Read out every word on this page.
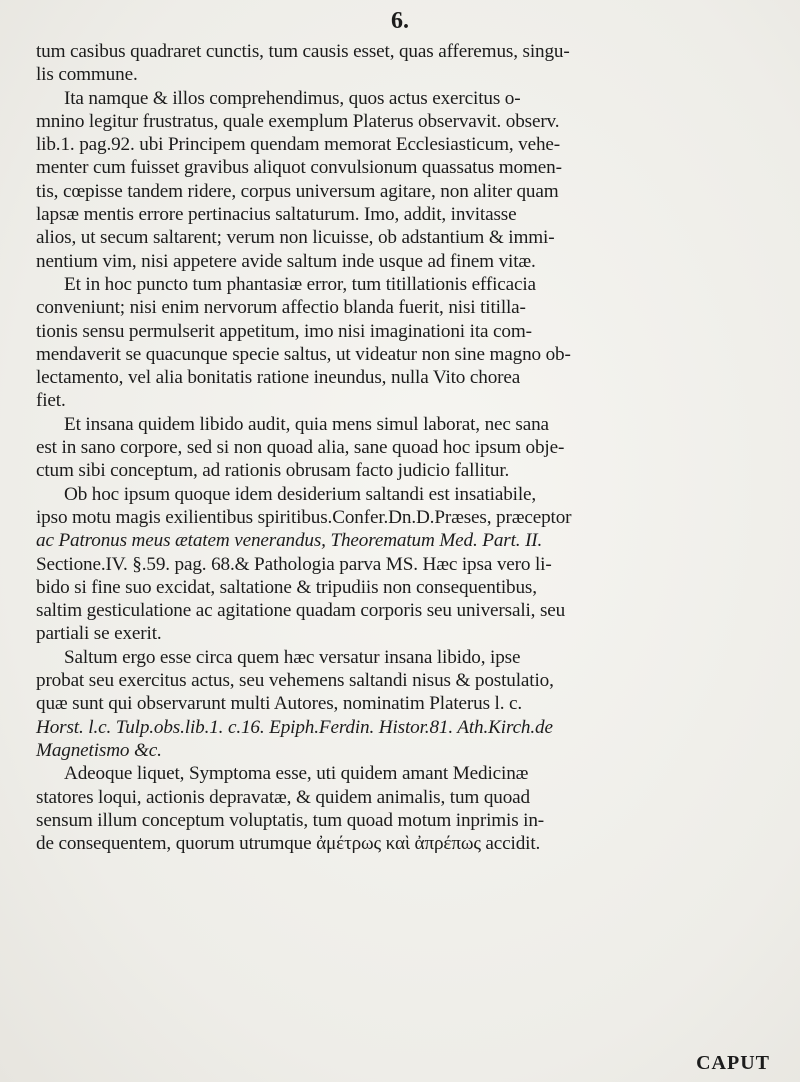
6.
tum casibus quadraret cunctis, tum causis esset, quas afferemus, singu-
lis commune.
Ita namque & illos comprehendimus, quos actus exercitus o-
mnino legitur frustratus, quale exemplum Platerus observavit. observ.
lib.1. pag.92. ubi Principem quendam memorat Ecclesiasticum, vehe-
menter cum fuisset gravibus aliquot convulsionum quassatus momen-
tis, cœpisse tandem ridere, corpus universum agitare, non aliter quam
lapsæ mentis errore pertinacius saltaturum. Imo, addit, invitasse
alios, ut secum saltarent; verum non licuisse, ob adstantium & immi-
nentium vim, nisi appetere avide saltum inde usque ad finem vitæ.
Et in hoc puncto tum phantasiæ error, tum titillationis efficacia
conveniunt; nisi enim nervorum affectio blanda fuerit, nisi titilla-
tionis sensu permulserit appetitum, imo nisi imaginationi ita com-
mendaverit se quacunque specie saltus, ut videatur non sine magno ob-
lectamento, vel alia bonitatis ratione ineundus, nulla Vito chorea
fiet.
Et insana quidem libido audit, quia mens simul laborat, nec sana
est in sano corpore, sed si non quoad alia, sane quoad hoc ipsum obje-
ctum sibi conceptum, ad rationis obrusam facto judicio fallitur.
Ob hoc ipsum quoque idem desiderium saltandi est insatiabile,
ipso motu magis exilientibus spiritibus.Confer.Dn.D.Præses, præceptor
ac Patronus meus ætatem venerandus, Theorematum Med. Part. II.
Sectione.IV. §.59. pag. 68.& Pathologia parva MS. Hæc ipsa vero li-
bido si fine suo excidat, saltatione & tripudiis non consequentibus,
saltim gesticulatione ac agitatione quadam corporis seu universali, seu
partiali se exerit.
Saltum ergo esse circa quem hæc versatur insana libido, ipse
probat seu exercitus actus, seu vehemens saltandi nisus & postulatio,
quæ sunt qui observarunt multi Autores, nominatim Platerus l. c.
Horst. l.c. Tulp.obs.lib.1. c.16. Epiph.Ferdin. Histor.81. Ath.Kirch.de
Magnetismo &c.
Adeoque liquet, Symptoma esse, uti quidem amant Medicinæ
statores loqui, actionis depravatæ, & quidem animalis, tum quoad
sensum illum conceptum voluptatis, tum quoad motum inprimis in-
de consequentem, quorum utrumque ἀμέτρως καὶ ἀπρέπως accidit.
CAPUT
